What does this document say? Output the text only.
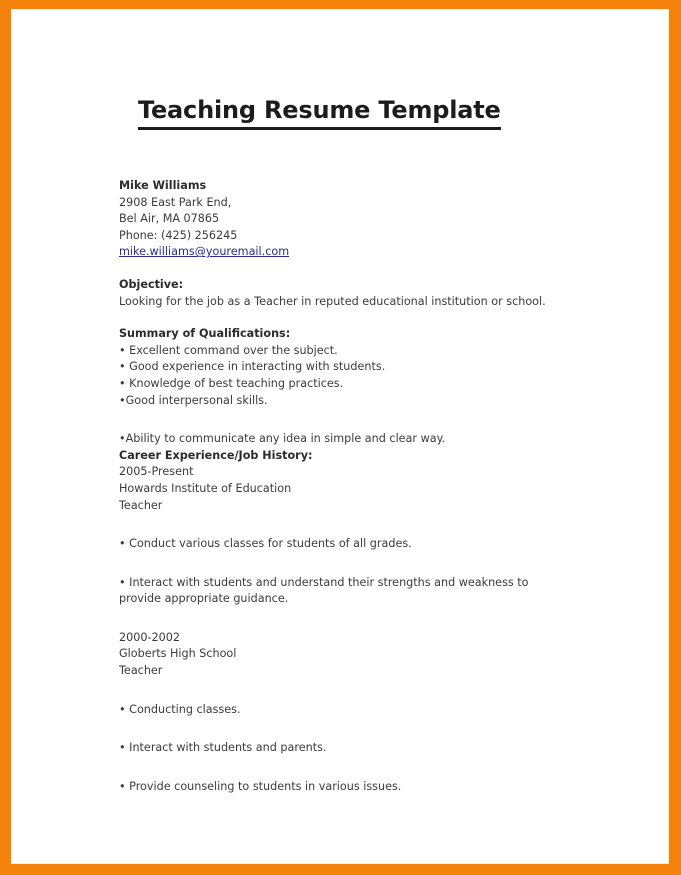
Teaching Resume Template
Mike Williams
2908 East Park End,
Bel Air, MA 07865
Phone: (425) 256245
mike.williams@youremail.com
Objective:
Looking for the job as a Teacher in reputed educational institution or school.
Summary of Qualifications:
• Excellent command over the subject.
• Good experience in interacting with students.
• Knowledge of best teaching practices.
•Good interpersonal skills.
•Ability to communicate any idea in simple and clear way.
Career Experience/Job History:
2005-Present
Howards Institute of Education
Teacher
• Conduct various classes for students of all grades.
• Interact with students and understand their strengths and weakness to provide appropriate guidance.
2000-2002
Globerts High School
Teacher
• Conducting classes.
• Interact with students and parents.
• Provide counseling to students in various issues.
